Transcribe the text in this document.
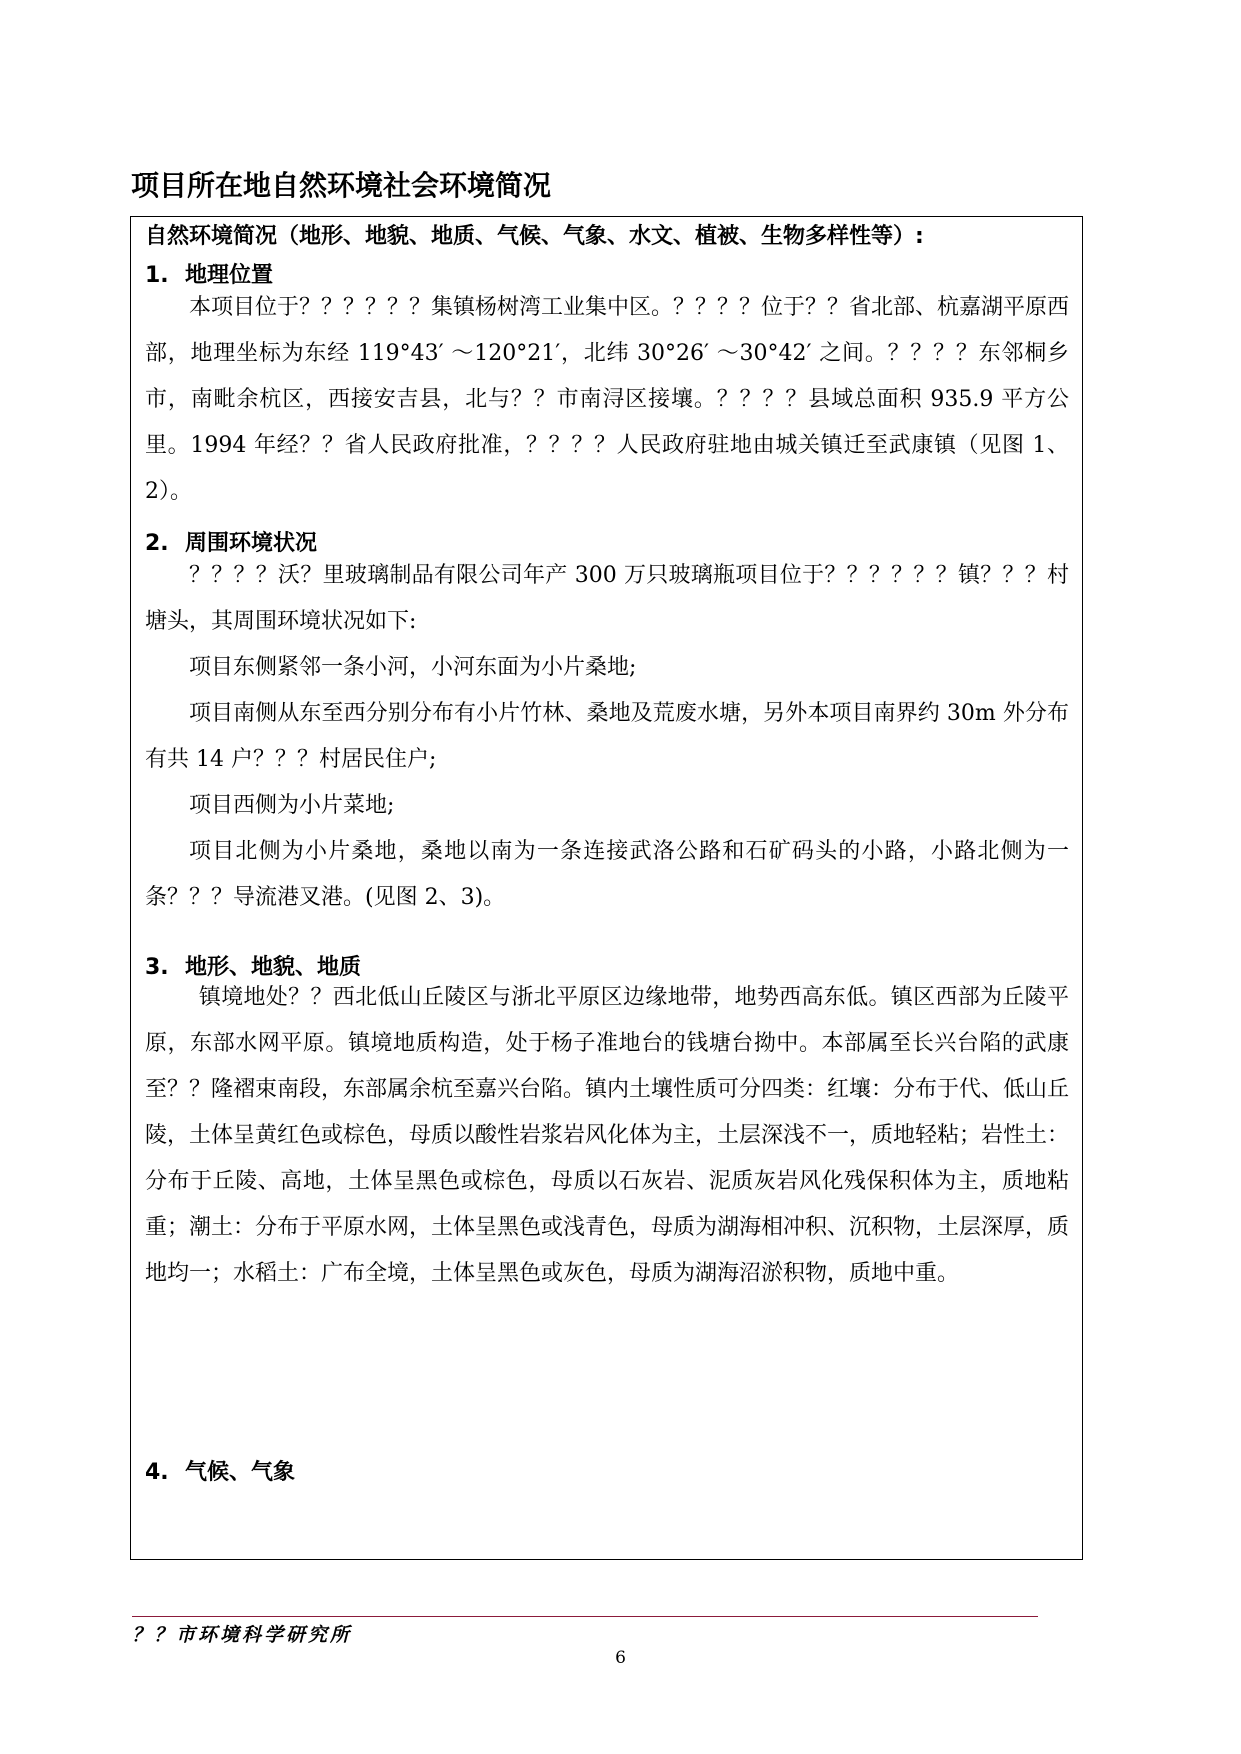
项目所在地自然环境社会环境简况
自然环境简况（地形、地貌、地质、气候、气象、水文、植被、生物多样性等）:
1. 地理位置
本项目位于？？？？？？集镇杨树湾工业集中区。？？？？位于？？省北部、杭嘉湖平原西部，地理坐标为东经 119°43′ ～120°21′，北纬 30°26′ ～30°42′ 之间。？？？？东邻桐乡市，南毗余杭区，西接安吉县，北与？？市南浔区接壤。？？？？县域总面积 935.9 平方公里。1994 年经？？省人民政府批准，？？？？人民政府驻地由城关镇迁至武康镇（见图 1、2）。
2. 周围环境状况
？？？？沃？里玻璃制品有限公司年产 300 万只玻璃瓶项目位于？？？？？？镇？？？村塘头，其周围环境状况如下:
项目东侧紧邻一条小河，小河东面为小片桑地;
项目南侧从东至西分别分布有小片竹林、桑地及荒废水塘，另外本项目南界约 30m 外分布有共 14 户？？？村居民住户;
项目西侧为小片菜地;
项目北侧为小片桑地，桑地以南为一条连接武洛公路和石矿码头的小路，小路北侧为一条？？？导流港叉港。(见图 2、3)。
3. 地形、地貌、地质
镇境地处？？西北低山丘陵区与浙北平原区边缘地带，地势西高东低。镇区西部为丘陵平原，东部水网平原。镇境地质构造，处于杨子准地台的钱塘台拗中。本部属至长兴台陷的武康至？？隆褶束南段，东部属余杭至嘉兴台陷。镇内土壤性质可分四类：红壤：分布于代、低山丘陵，土体呈黄红色或棕色，母质以酸性岩浆岩风化体为主，土层深浅不一，质地轻粘；岩性土：分布于丘陵、高地，土体呈黑色或棕色，母质以石灰岩、泥质灰岩风化残保积体为主，质地粘重；潮土：分布于平原水网，土体呈黑色或浅青色，母质为湖海相冲积、沉积物，土层深厚，质地均一；水稻土：广布全境，土体呈黑色或灰色，母质为湖海沼淤积物，质地中重。
4. 气候、气象
？？市环境科学研究所
6
